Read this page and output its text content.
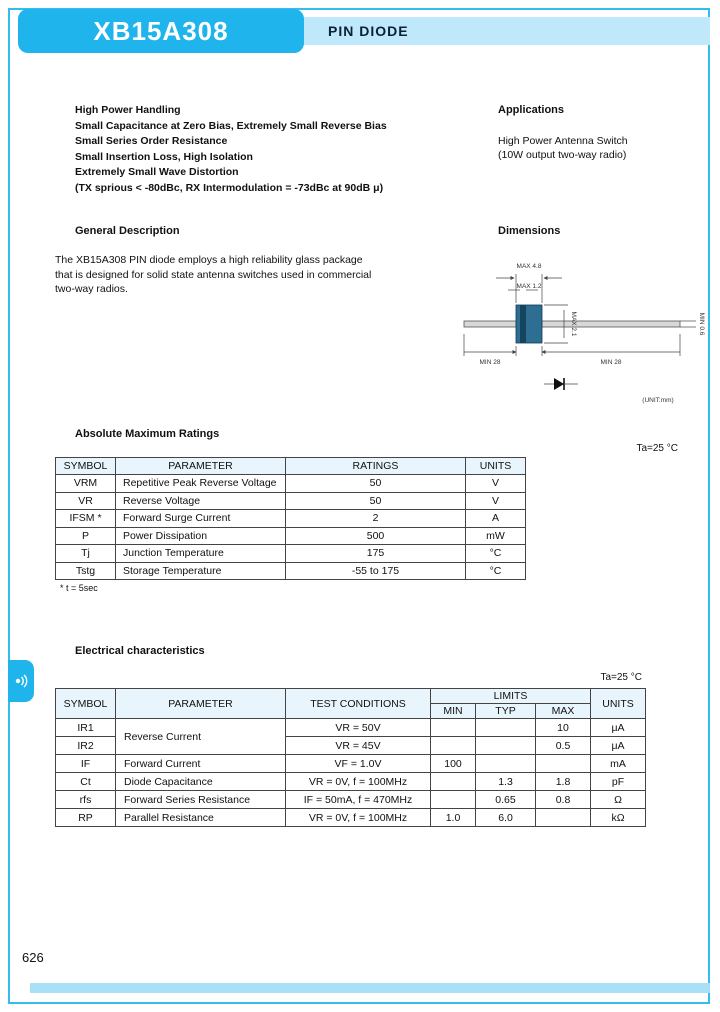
PIN DIODE
XB15A308
High Power Handling
Small Capacitance at Zero Bias, Extremely Small Reverse Bias
Small Series Order Resistance
Small Insertion Loss, High Isolation
Extremely Small Wave Distortion
(TX sprious < -80dBc, RX Intermodulation = -73dBc at 90dB μ)
Applications
High Power Antenna Switch
(10W output two-way radio)
General Description
The XB15A308 PIN diode employs a high reliability glass package that is designed for solid state antenna switches used in commercial two-way radios.
Dimensions
MAX 4.8
MAX 1.2
MAX 2.1	MIN 0.6
MIN 28	MIN 28
(UNIT:mm)
Absolute Maximum Ratings
Ta=25 °C
SYMBOL	PARAMETER	RATINGS	UNITS
VRM	Repetitive Peak Reverse Voltage	50	V
VR	Reverse Voltage	50	V
IFSM *	Forward Surge Current	2	A
P	Power Dissipation	500	mW
Tj	Junction Temperature	175	°C
Tstg	Storage Temperature	-55 to 175	°C
* t = 5sec
Electrical characteristics
Ta=25 °C
SYMBOL	PARAMETER	TEST CONDITIONS	LIMITS			UNITS
			MIN	TYP	MAX	
IR1	Reverse Current	VR = 50V			10	μA
IR2		VR = 45V			0.5	μA
IF	Forward Current	VF = 1.0V	100			mA
Ct	Diode Capacitance	VR = 0V, f = 100MHz		1.3	1.8	pF
rfs	Forward Series Resistance	IF = 50mA, f = 470MHz		0.65	0.8	Ω
RP	Parallel Resistance	VR = 0V, f = 100MHz	1.0	6.0		kΩ
626
